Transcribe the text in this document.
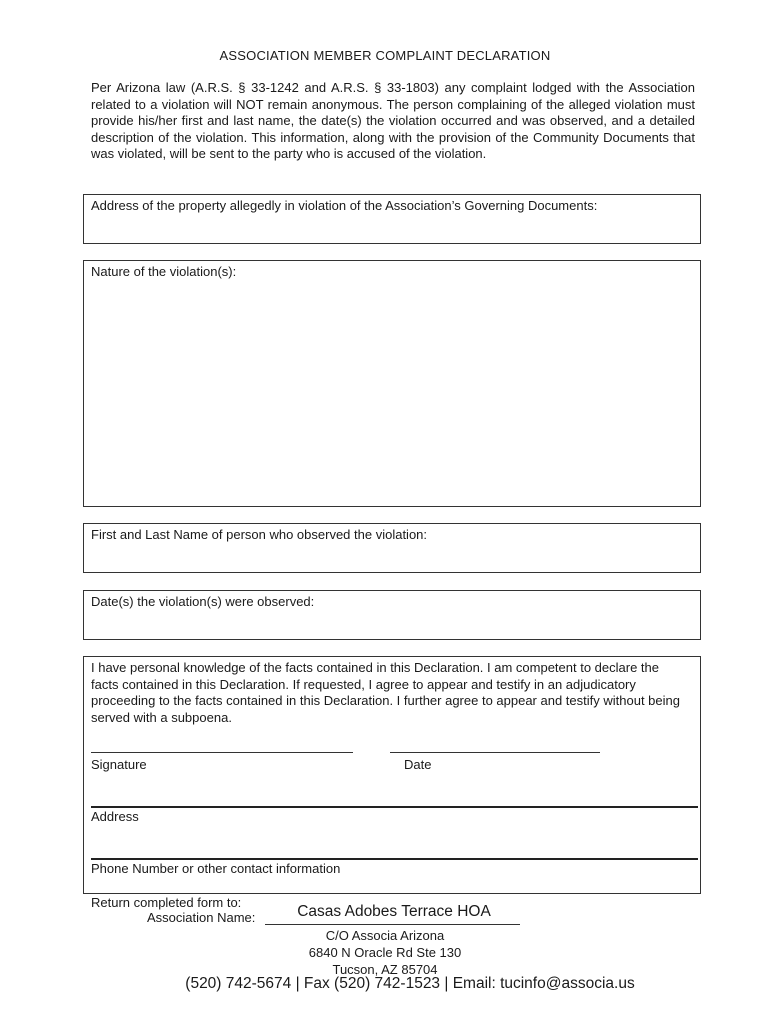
ASSOCIATION MEMBER COMPLAINT DECLARATION
Per Arizona law (A.R.S. § 33-1242 and A.R.S. § 33-1803) any complaint lodged with the Association related to a violation will NOT remain anonymous. The person complaining of the alleged violation must provide his/her first and last name, the date(s) the violation occurred and was observed, and a detailed description of the violation. This information, along with the provision of the Community Documents that was violated, will be sent to the party who is accused of the violation.
Address of the property allegedly in violation of the Association’s Governing Documents:
Nature of the violation(s):
First and Last Name of person who observed the violation:
Date(s) the violation(s) were observed:
I have personal knowledge of the facts contained in this Declaration. I am competent to declare the facts contained in this Declaration. If requested, I agree to appear and testify in an adjudicatory proceeding to the facts contained in this Declaration. I further agree to appear and testify without being served with a subpoena.
Signature	Date
Address
Phone Number or other contact information
Return completed form to:
Association Name:	Casas Adobes Terrace HOA
C/O Associa Arizona
6840 N Oracle Rd Ste 130
Tucson, AZ 85704
(520) 742-5674 | Fax (520) 742-1523 | Email: tucinfo@associa.us
